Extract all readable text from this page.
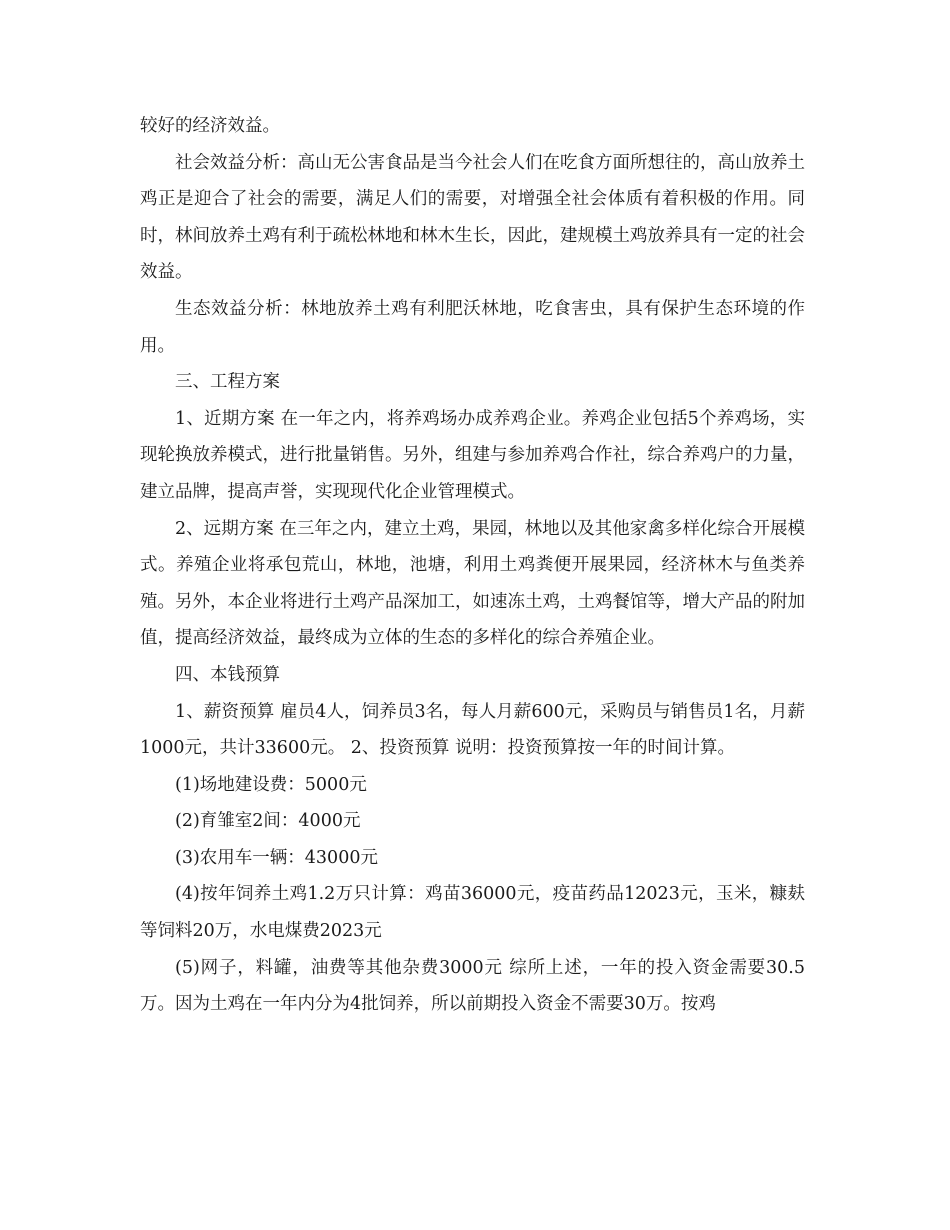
较好的经济效益。

社会效益分析：高山无公害食品是当今社会人们在吃食方面所想往的，高山放养土鸡正是迎合了社会的需要，满足人们的需要，对增强全社会体质有着积极的作用。同时，林间放养土鸡有利于疏松林地和林木生长，因此，建规模土鸡放养具有一定的社会效益。

生态效益分析：林地放养土鸡有利肥沃林地，吃食害虫，具有保护生态环境的作用。

三、工程方案

1、近期方案 在一年之内，将养鸡场办成养鸡企业。养鸡企业包括5个养鸡场，实现轮换放养模式，进行批量销售。另外，组建与参加养鸡合作社，综合养鸡户的力量，建立品牌，提高声誉，实现现代化企业管理模式。

2、远期方案 在三年之内，建立土鸡，果园，林地以及其他家禽多样化综合开展模式。养殖企业将承包荒山，林地，池塘，利用土鸡粪便开展果园，经济林木与鱼类养殖。另外，本企业将进行土鸡产品深加工，如速冻土鸡，土鸡餐馆等，增大产品的附加值，提高经济效益，最终成为立体的生态的多样化的综合养殖企业。

四、本钱预算

1、薪资预算 雇员4人，饲养员3名，每人月薪600元，采购员与销售员1名，月薪1000元，共计33600元。 2、投资预算 说明：投资预算按一年的时间计算。

(1)场地建设费：5000元

(2)育雏室2间：4000元

(3)农用车一辆：43000元

(4)按年饲养土鸡1.2万只计算：鸡苗36000元，疫苗药品12023元，玉米，糠麸等饲料20万，水电煤费2023元

(5)网子，料罐，油费等其他杂费3000元 综所上述，一年的投入资金需要30.5万。因为土鸡在一年内分为4批饲养，所以前期投入资金不需要30万。按鸡
